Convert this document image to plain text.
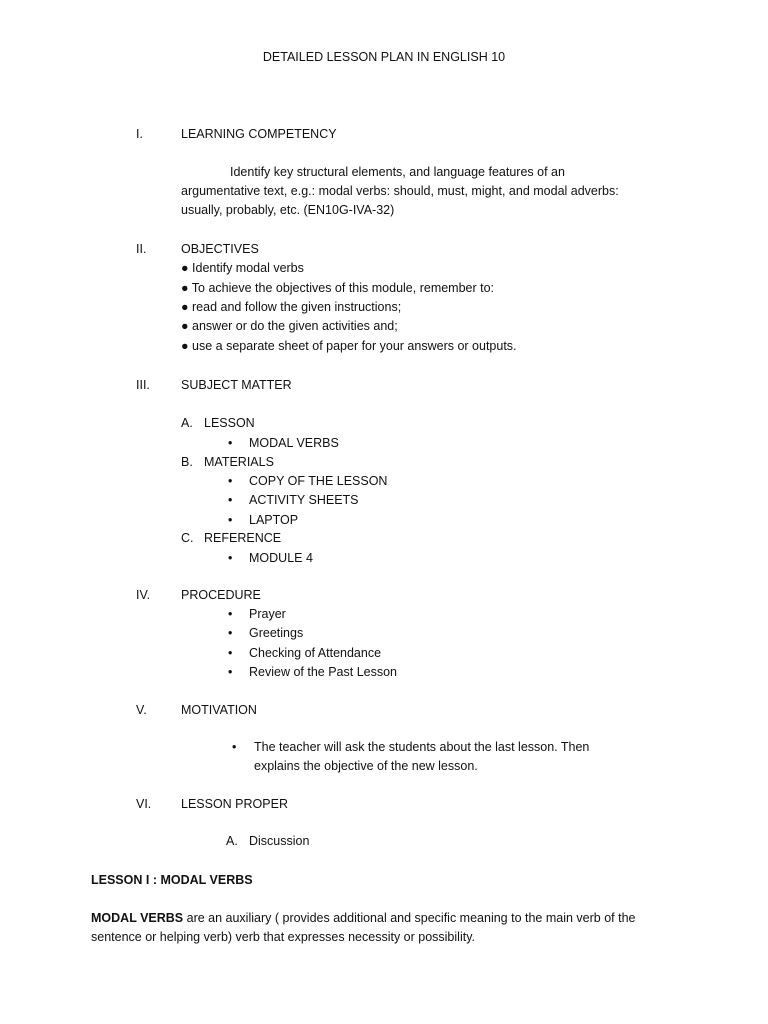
DETAILED LESSON PLAN IN ENGLISH 10
I.	LEARNING COMPETENCY
Identify key structural elements, and language features of an argumentative text, e.g.: modal verbs: should, must, might, and modal adverbs: usually, probably, etc. (EN10G-IVA-32)
II.	OBJECTIVES
● Identify modal verbs
● To achieve the objectives of this module, remember to:
● read and follow the given instructions;
● answer or do the given activities and;
● use a separate sheet of paper for your answers or outputs.
III. SUBJECT MATTER
A. LESSON
• MODAL VERBS
B. MATERIALS
• COPY OF THE LESSON
• ACTIVITY SHEETS
• LAPTOP
C. REFERENCE
• MODULE 4
IV. PROCEDURE
• Prayer
• Greetings
• Checking of Attendance
• Review of the Past Lesson
V.	MOTIVATION
• The teacher will ask the students about the last lesson. Then
explains the objective of the new lesson.
VI. LESSON PROPER
A. Discussion
LESSON I : MODAL VERBS
MODAL VERBS are an auxiliary ( provides additional and specific meaning to the main verb of the sentence or helping verb) verb that expresses necessity or possibility.
